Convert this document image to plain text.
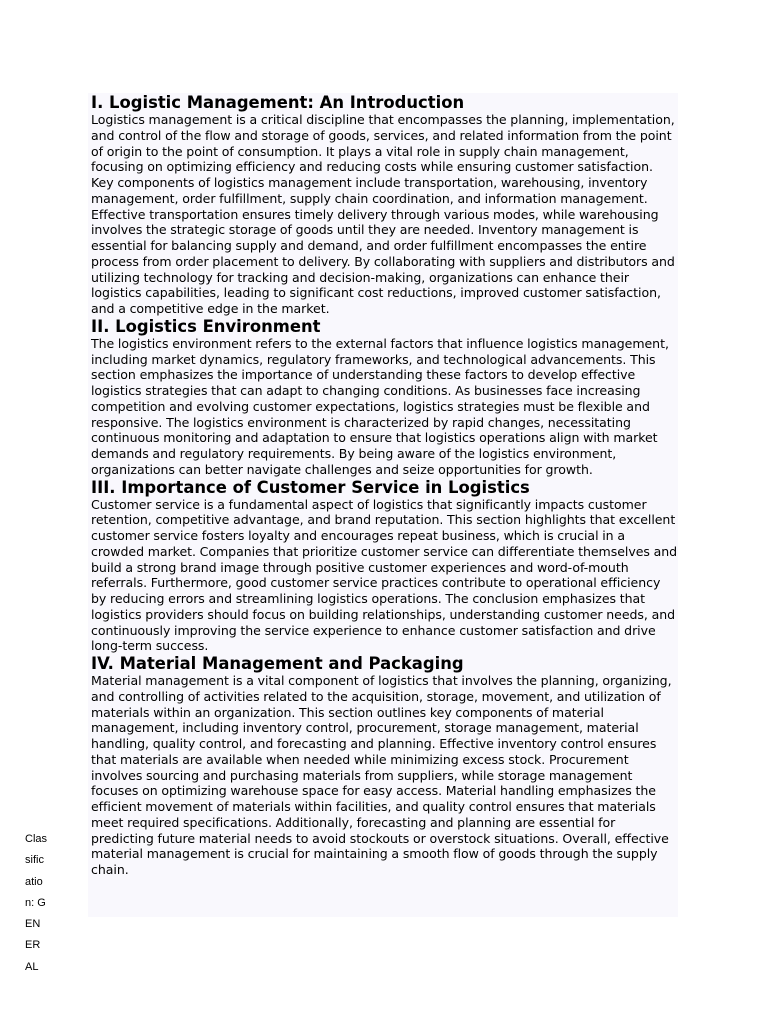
I. Logistic Management: An Introduction

Logistics management is a critical discipline that encompasses the planning, implementation, and control of the flow and storage of goods, services, and related information from the point of origin to the point of consumption. It plays a vital role in supply chain management, focusing on optimizing efficiency and reducing costs while ensuring customer satisfaction. Key components of logistics management include transportation, warehousing, inventory management, order fulfillment, supply chain coordination, and information management. Effective transportation ensures timely delivery through various modes, while warehousing involves the strategic storage of goods until they are needed. Inventory management is essential for balancing supply and demand, and order fulfillment encompasses the entire process from order placement to delivery. By collaborating with suppliers and distributors and utilizing technology for tracking and decision-making, organizations can enhance their logistics capabilities, leading to significant cost reductions, improved customer satisfaction, and a competitive edge in the market.

II. Logistics Environment

The logistics environment refers to the external factors that influence logistics management, including market dynamics, regulatory frameworks, and technological advancements. This section emphasizes the importance of understanding these factors to develop effective logistics strategies that can adapt to changing conditions. As businesses face increasing competition and evolving customer expectations, logistics strategies must be flexible and responsive. The logistics environment is characterized by rapid changes, necessitating continuous monitoring and adaptation to ensure that logistics operations align with market demands and regulatory requirements. By being aware of the logistics environment, organizations can better navigate challenges and seize opportunities for growth.

III. Importance of Customer Service in Logistics

Customer service is a fundamental aspect of logistics that significantly impacts customer retention, competitive advantage, and brand reputation. This section highlights that excellent customer service fosters loyalty and encourages repeat business, which is crucial in a crowded market. Companies that prioritize customer service can differentiate themselves and build a strong brand image through positive customer experiences and word-of-mouth referrals. Furthermore, good customer service practices contribute to operational efficiency by reducing errors and streamlining logistics operations. The conclusion emphasizes that logistics providers should focus on building relationships, understanding customer needs, and continuously improving the service experience to enhance customer satisfaction and drive long-term success.

IV. Material Management and Packaging

Material management is a vital component of logistics that involves the planning, organizing, and controlling of activities related to the acquisition, storage, movement, and utilization of materials within an organization. This section outlines key components of material management, including inventory control, procurement, storage management, material handling, quality control, and forecasting and planning. Effective inventory control ensures that materials are available when needed while minimizing excess stock. Procurement involves sourcing and purchasing materials from suppliers, while storage management focuses on optimizing warehouse space for easy access. Material handling emphasizes the efficient movement of materials within facilities, and quality control ensures that materials meet required specifications. Additionally, forecasting and planning are essential for predicting future material needs to avoid stockouts or overstock situations. Overall, effective material management is crucial for maintaining a smooth flow of goods through the supply chain.

Classification: GENERAL
